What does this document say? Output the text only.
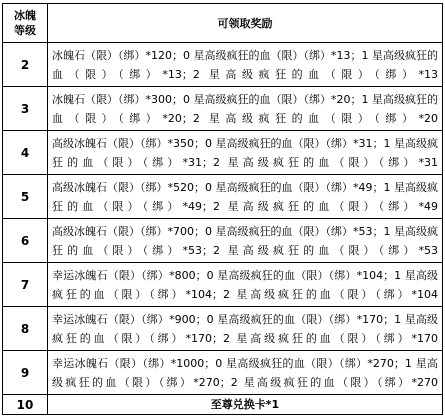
冰魄
等级	可领取奖励
2	冰魄石（限）（绑）*120；0 星高级疯狂的血（限）（绑）*13；1 星高级疯狂的血（限）（绑）*13；2 星高级疯狂的血（限）（绑）*13
3	冰魄石（限）（绑）*300；0 星高级疯狂的血（限）（绑）*20；1 星高级疯狂的血（限）（绑）*20；2 星高级疯狂的血（限）（绑）*20
4	高级冰魄石（限）（绑）*350；0 星高级疯狂的血（限）（绑）*31；1 星高级疯狂的血（限）（绑）*31；2 星高级疯狂的血（限）（绑）*31
5	高级冰魄石（限）（绑）*520；0 星高级疯狂的血（限）（绑）*49；1 星高级疯狂的血（限）（绑）*49；2 星高级疯狂的血（限）（绑）*49
6	高级冰魄石（限）（绑）*700；0 星高级疯狂的血（限）（绑）*53；1 星高级疯狂的血（限）（绑）*53；2 星高级疯狂的血（限）（绑）*53
7	幸运冰魄石（限）（绑）*800；0 星高级疯狂的血（限）（绑）*104；1 星高级疯狂的血（限）（绑）*104；2 星高级疯狂的血（限）（绑）*104
8	幸运冰魄石（限）（绑）*900；0 星高级疯狂的血（限）（绑）*170；1 星高级疯狂的血（限）（绑）*170；2 星高级疯狂的血（限）（绑）*170
9	幸运冰魄石（限）（绑）*1000；0 星高级疯狂的血（限）（绑）*270；1 星高级疯狂的血（限）（绑）*270；2 星高级疯狂的血（限）（绑）*270
10	至尊兑换卡*1
